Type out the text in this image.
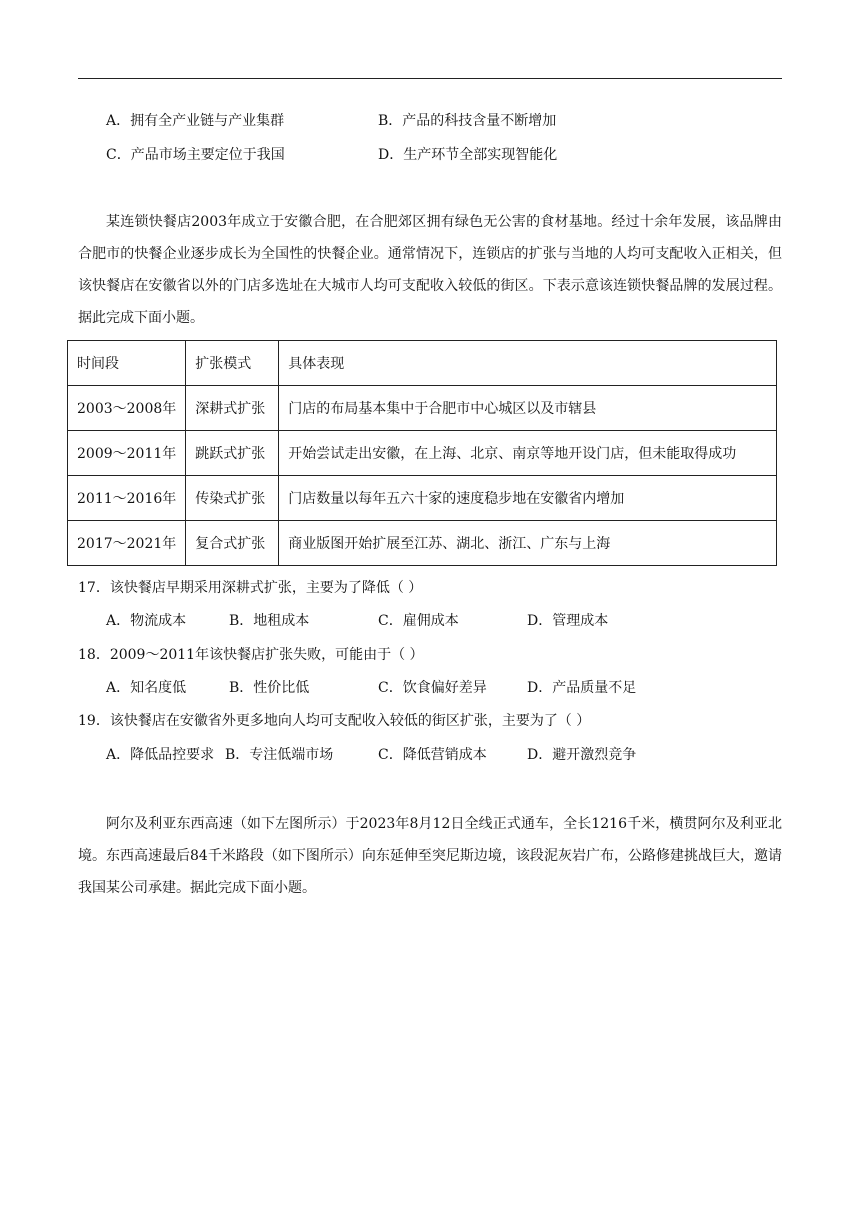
A．拥有全产业链与产业集群	B．产品的科技含量不断增加
C．产品市场主要定位于我国	D．生产环节全部实现智能化
某连锁快餐店2003年成立于安徽合肥，在合肥郊区拥有绿色无公害的食材基地。经过十余年发展，该品牌由合肥市的快餐企业逐步成长为全国性的快餐企业。通常情况下，连锁店的扩张与当地的人均可支配收入正相关，但该快餐店在安徽省以外的门店多选址在大城市人均可支配收入较低的街区。下表示意该连锁快餐品牌的发展过程。据此完成下面小题。
时间段	扩张模式	具体表现
2003～2008年	深耕式扩张	门店的布局基本集中于合肥市中心城区以及市辖县
2009～2011年	跳跃式扩张	开始尝试走出安徽，在上海、北京、南京等地开设门店，但未能取得成功
2011～2016年	传染式扩张	门店数量以每年五六十家的速度稳步地在安徽省内增加
2017～2021年	复合式扩张	商业版图开始扩展至江苏、湖北、浙江、广东与上海
17．该快餐店早期采用深耕式扩张，主要为了降低（ ）
A．物流成本	B．地租成本	C．雇佣成本	D．管理成本
18．2009～2011年该快餐店扩张失败，可能由于（ ）
A．知名度低	B．性价比低	C．饮食偏好差异	D．产品质量不足
19．该快餐店在安徽省外更多地向人均可支配收入较低的街区扩张，主要为了（ ）
A．降低品控要求 B．专注低端市场	C．降低营销成本	D．避开激烈竞争
阿尔及利亚东西高速（如下左图所示）于2023年8月12日全线正式通车，全长1216千米，横贯阿尔及利亚北境。东西高速最后84千米路段（如下图所示）向东延伸至突尼斯边境，该段泥灰岩广布，公路修建挑战巨大，邀请我国某公司承建。据此完成下面小题。
